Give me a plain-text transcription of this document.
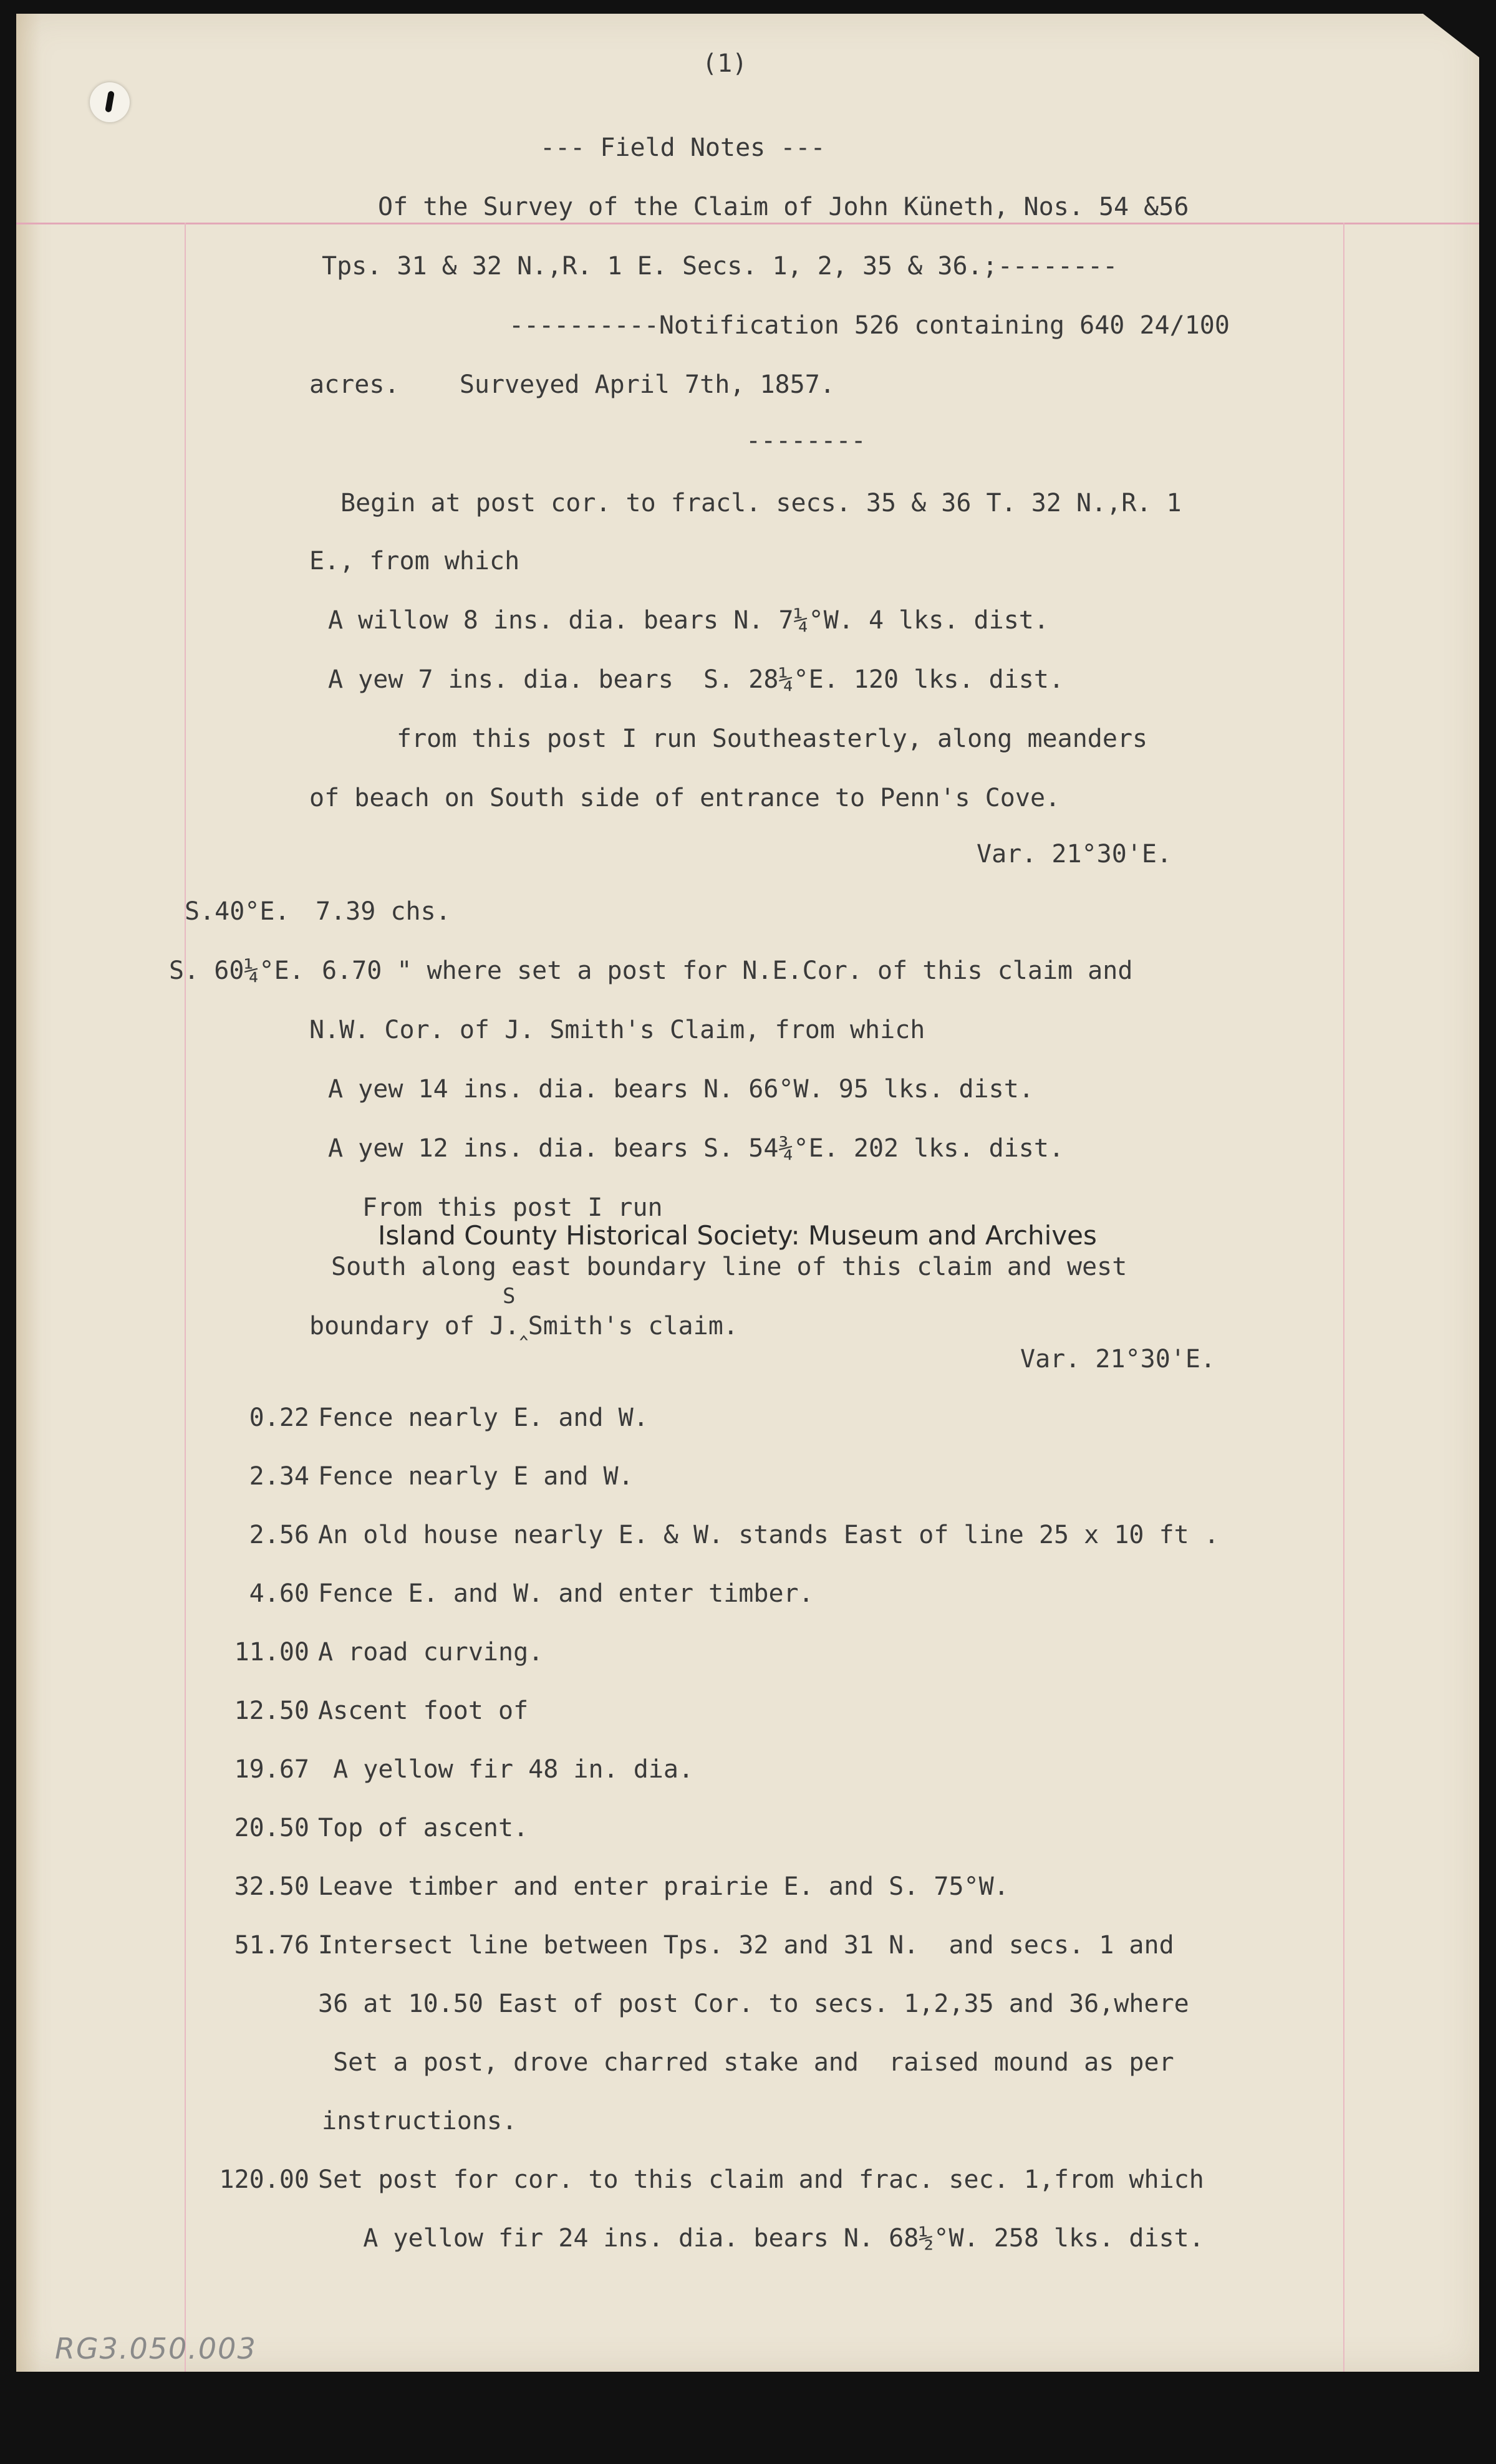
(1)
--- Field Notes ---
Of the Survey of the Claim of John Küneth, Nos. 54 &56
Tps. 31 & 32 N.,R. 1 E. Secs. 1, 2, 35 & 36.;--------
----------Notification 526 containing 640 24/100
acres.    Surveyed April 7th, 1857.
--------
Begin at post cor. to fracl. secs. 35 & 36 T. 32 N.,R. 1
E., from which
A willow 8 ins. dia. bears N. 7¼°W. 4 lks. dist.
A yew 7 ins. dia. bears  S. 28¼°E. 120 lks. dist.
from this post I run Southeasterly, along meanders
of beach on South side of entrance to Penn's Cove.
Var. 21°30'E.
S.40°E. 7.39 chs.
S. 60¼°E. 6.70 " where set a post for N.E.Cor. of this claim and
N.W. Cor. of J. Smith's Claim, from which
A yew 14 ins. dia. bears N. 66°W. 95 lks. dist.
A yew 12 ins. dia. bears S. 54¾°E. 202 lks. dist.
From this post I run
Island County Historical Society: Museum and Archives
South along east boundary line of this claim and west
S
boundary of J.‸Smith's claim.
Var. 21°30'E.
0.22 Fence nearly E. and W.
2.34 Fence nearly E and W.
2.56 An old house nearly E. & W. stands East of line 25 x 10 ft .
4.60 Fence E. and W. and enter timber.
11.00 A road curving.
12.50 Ascent foot of
19.67 A yellow fir 48 in. dia.
20.50 Top of ascent.
32.50 Leave timber and enter prairie E. and S. 75°W.
51.76 Intersect line between Tps. 32 and 31 N.  and secs. 1 and
36 at 10.50 East of post Cor. to secs. 1,2,35 and 36,where
Set a post, drove charred stake and  raised mound as per
instructions.
120.00 Set post for cor. to this claim and frac. sec. 1,from which
A yellow fir 24 ins. dia. bears N. 68½°W. 258 lks. dist.
RG3.050.003
